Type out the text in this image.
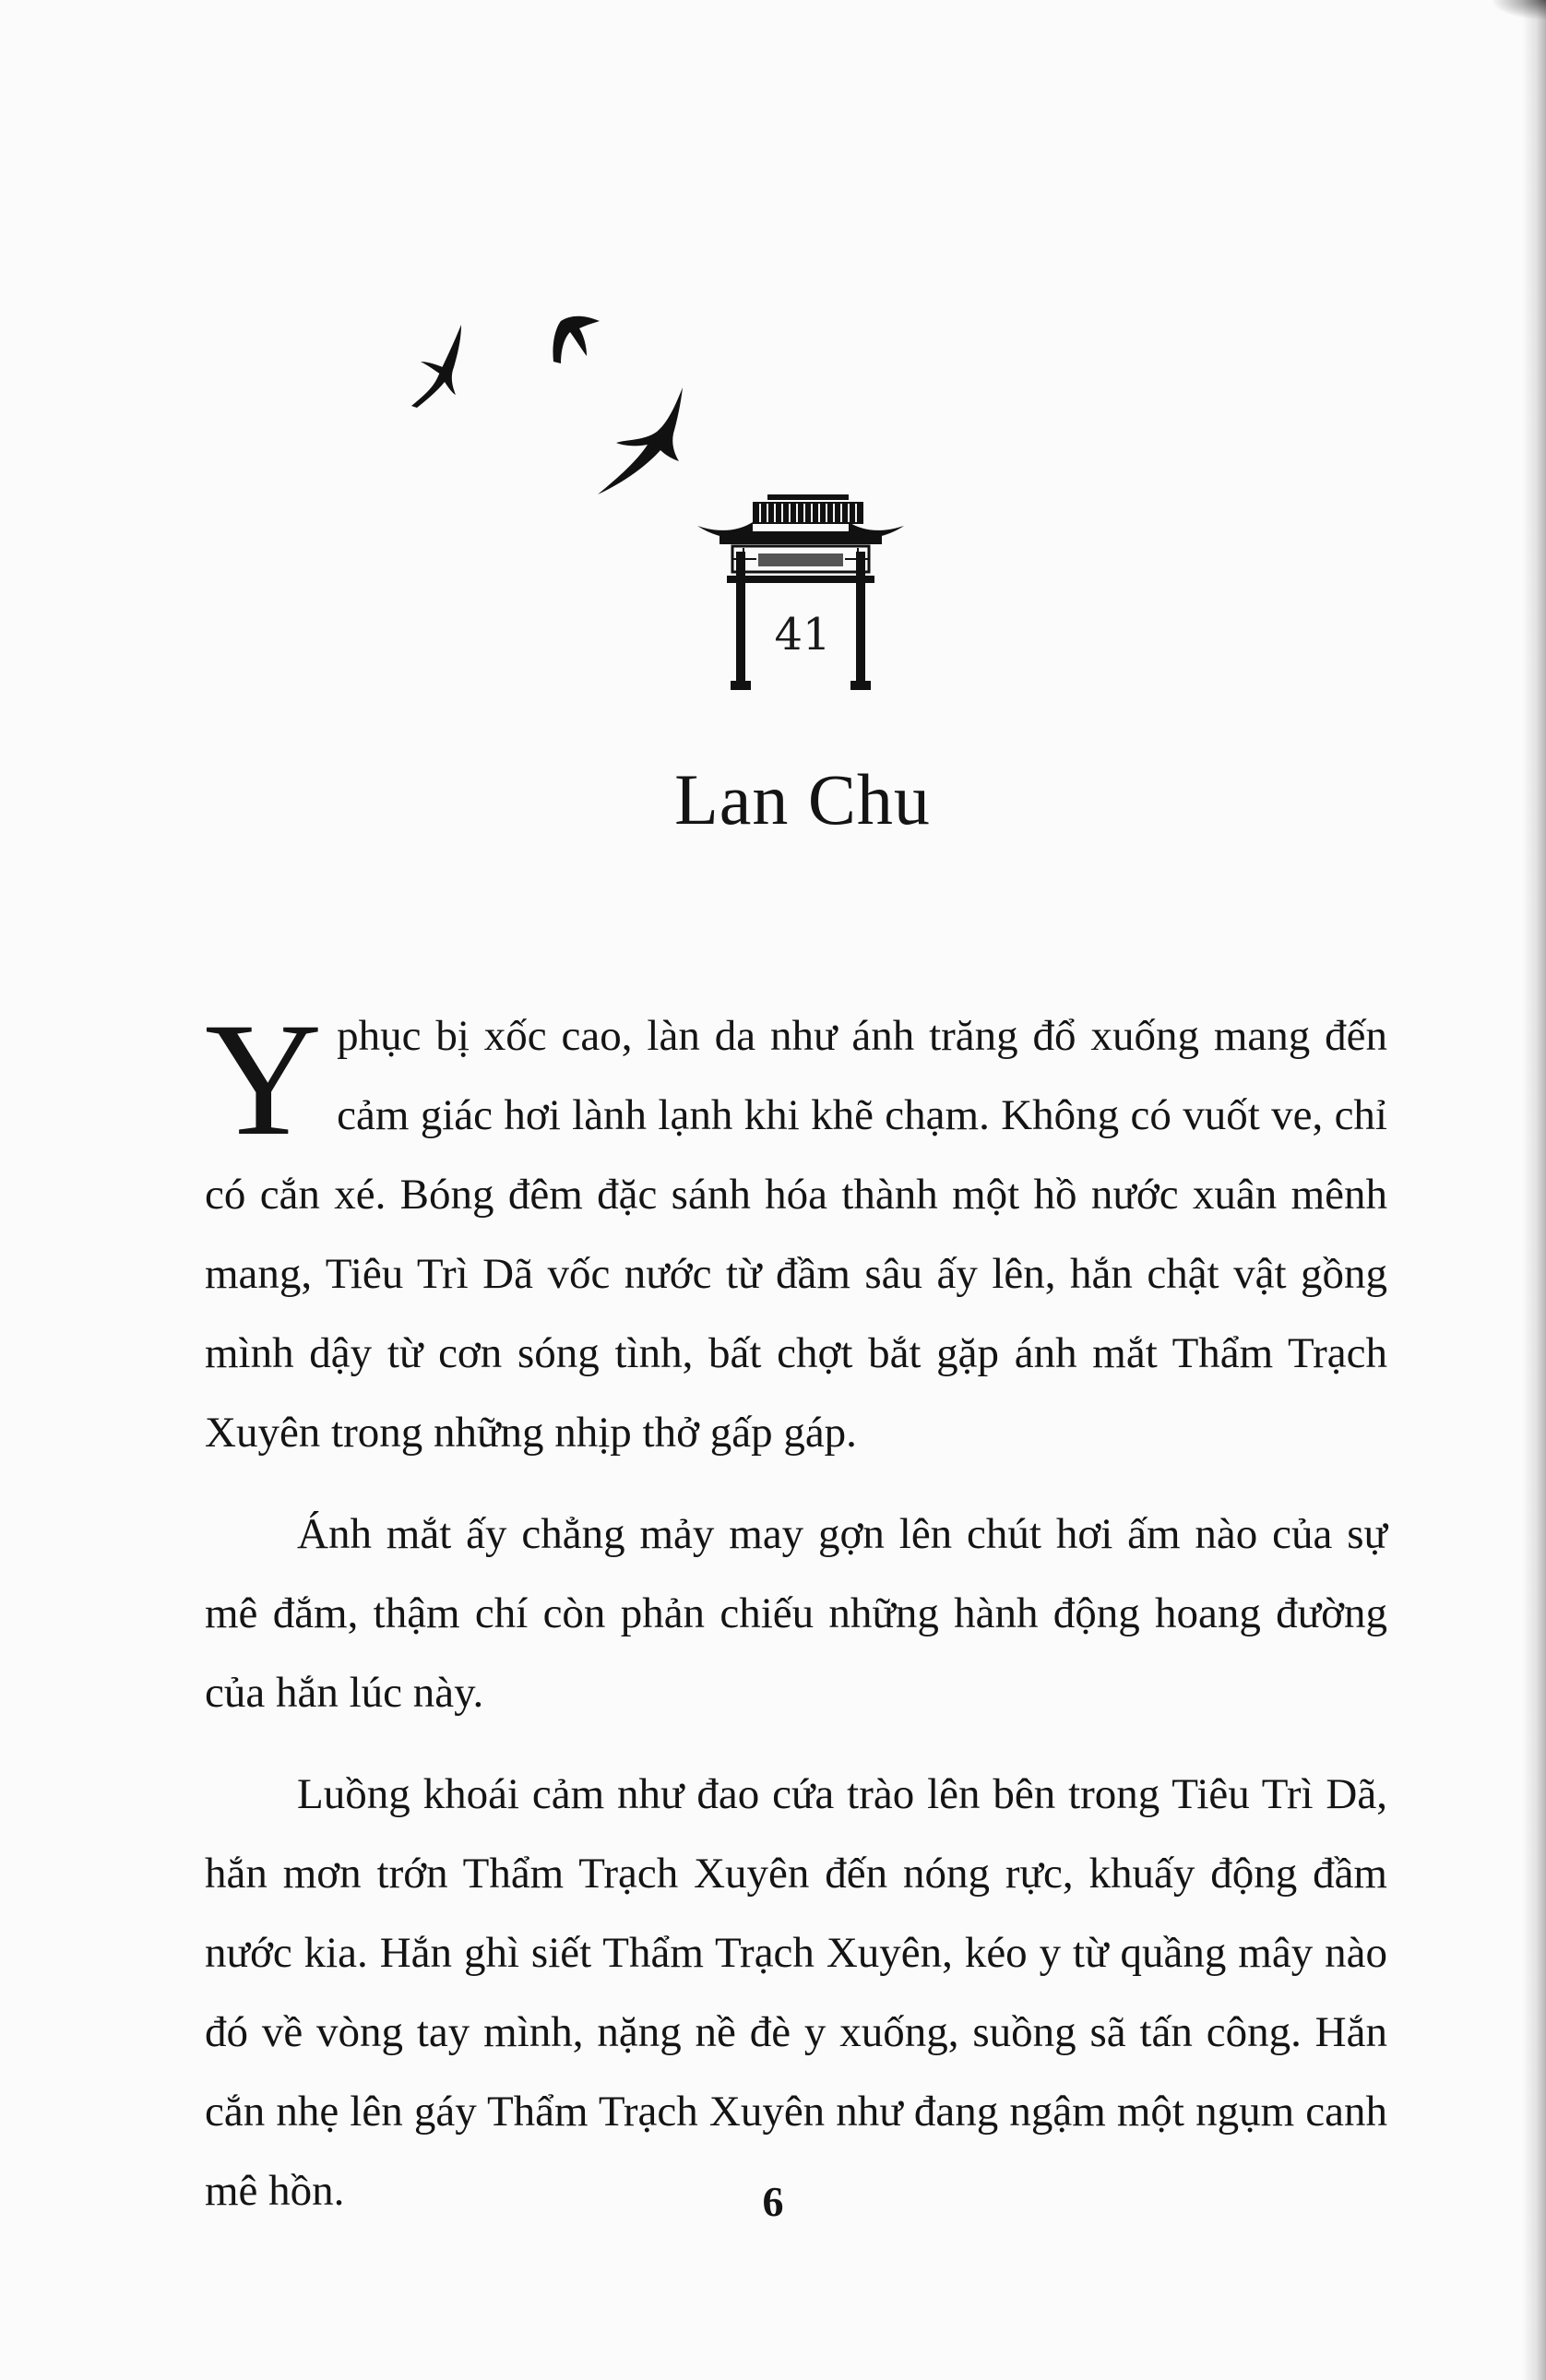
41
Lan Chu

Yphục bị xốc cao, làn da như ánh trăng đổ xuống mang đến cảm giác hơi lành lạnh khi khẽ chạm. Không có vuốt ve, chỉ có cắn xé. Bóng đêm đặc sánh hóa thành một hồ nước xuân mênh mang, Tiêu Trì Dã vốc nước từ đầm sâu ấy lên, hắn chật vật gồng mình dậy từ cơn sóng tình, bất chợt bắt gặp ánh mắt Thẩm Trạch Xuyên trong những nhịp thở gấp gáp.

Ánh mắt ấy chẳng mảy may gợn lên chút hơi ấm nào của sự mê đắm, thậm chí còn phản chiếu những hành động hoang đường của hắn lúc này.

Luồng khoái cảm như đao cứa trào lên bên trong Tiêu Trì Dã, hắn mơn trớn Thẩm Trạch Xuyên đến nóng rực, khuấy động đầm nước kia. Hắn ghì siết Thẩm Trạch Xuyên, kéo y từ quầng mây nào đó về vòng tay mình, nặng nề đè y xuống, suồng sã tấn công. Hắn cắn nhẹ lên gáy Thẩm Trạch Xuyên như đang ngậm một ngụm canh mê hồn.	6
